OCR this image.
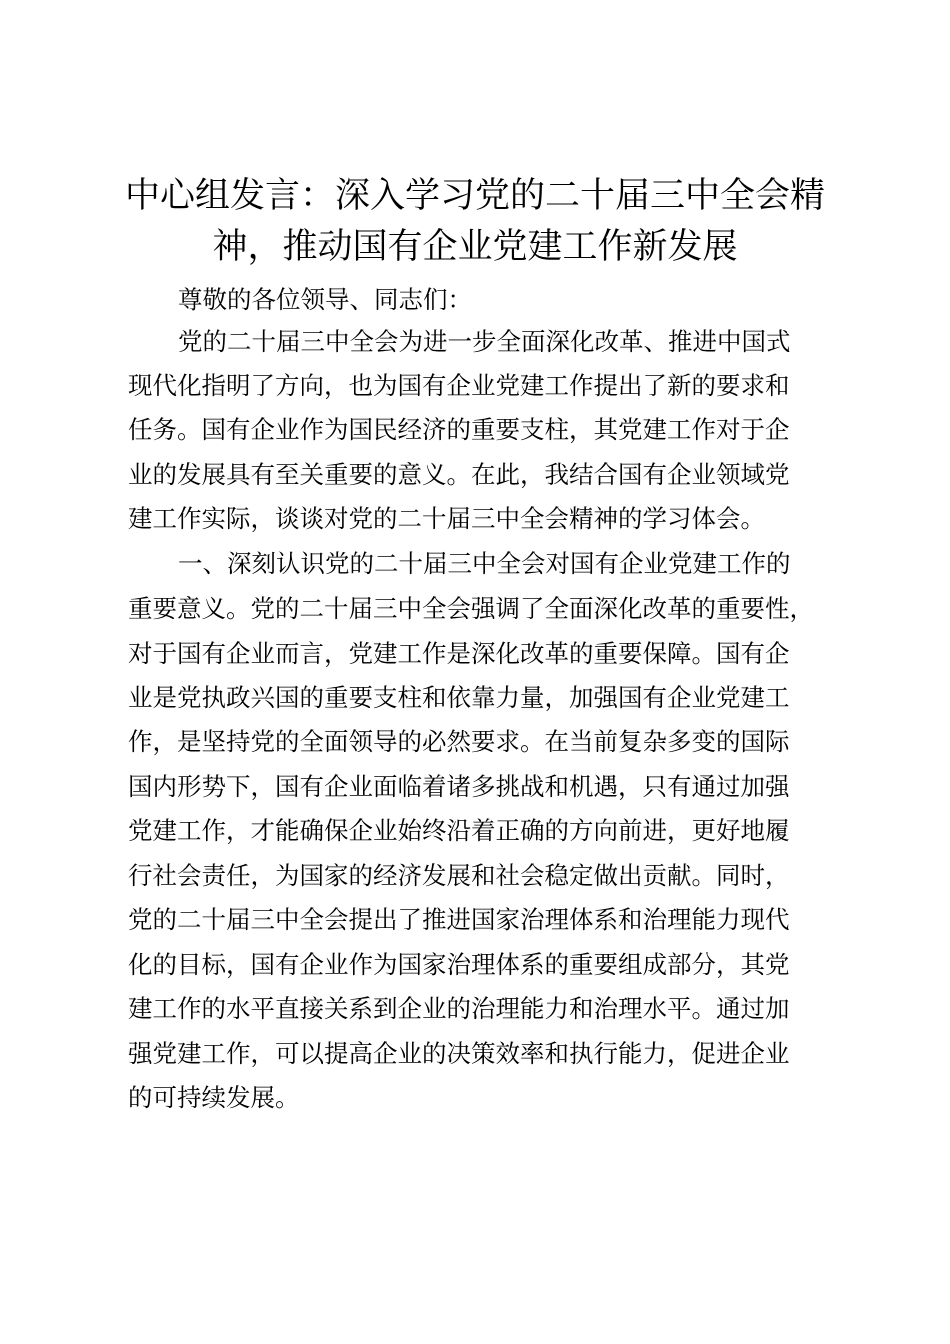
中心组发言：深入学习党的二十届三中全会精
神，推动国有企业党建工作新发展

尊敬的各位领导、同志们：

党的二十届三中全会为进一步全面深化改革、推进中国式

现代化指明了方向，也为国有企业党建工作提出了新的要求和

任务。国有企业作为国民经济的重要支柱，其党建工作对于企

业的发展具有至关重要的意义。在此，我结合国有企业领域党

建工作实际，谈谈对党的二十届三中全会精神的学习体会。

一、深刻认识党的二十届三中全会对国有企业党建工作的

重要意义。党的二十届三中全会强调了全面深化改革的重要性，

对于国有企业而言，党建工作是深化改革的重要保障。国有企

业是党执政兴国的重要支柱和依靠力量，加强国有企业党建工

作，是坚持党的全面领导的必然要求。在当前复杂多变的国际

国内形势下，国有企业面临着诸多挑战和机遇，只有通过加强

党建工作，才能确保企业始终沿着正确的方向前进，更好地履

行社会责任，为国家的经济发展和社会稳定做出贡献。同时，

党的二十届三中全会提出了推进国家治理体系和治理能力现代

化的目标，国有企业作为国家治理体系的重要组成部分，其党

建工作的水平直接关系到企业的治理能力和治理水平。通过加

强党建工作，可以提高企业的决策效率和执行能力，促进企业

的可持续发展。
